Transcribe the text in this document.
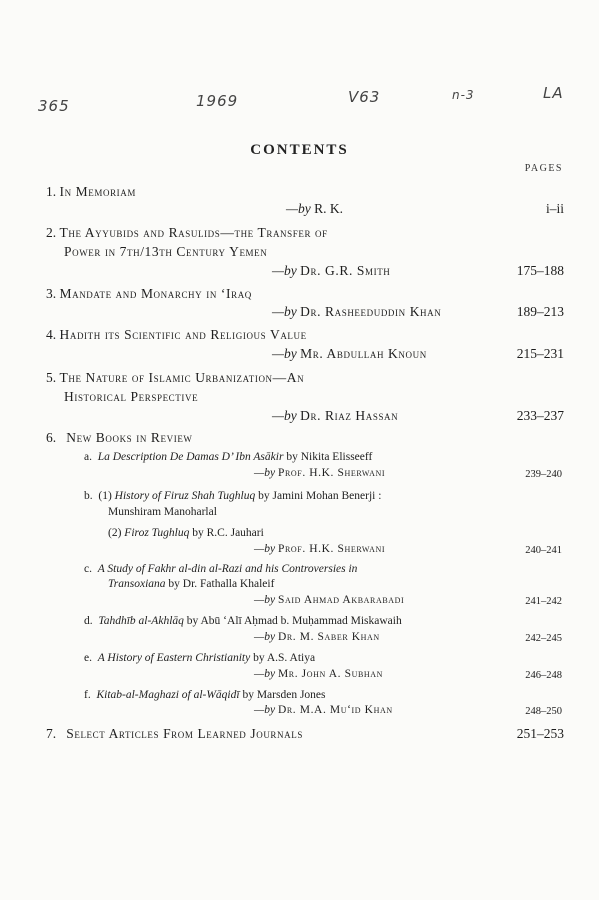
365	1969	V63	n-3	LA
CONTENTS
PAGES
1. In Memoriam
—by R. K.	i–ii
2. The Ayyubids and Rasulids—the Transfer of
Power in 7th/13th Century Yemen
—by Dr. G.R. Smith	175–188
3. Mandate and Monarchy in ‘Iraq
—by Dr. Rasheeduddin Khan	189–213
4. Hadith its Scientific and Religious Value
—by Mr. Abdullah Knoun	215–231
5. The Nature of Islamic Urbanization—An
Historical Perspective
—by Dr. Riaz Hassan	233–237
6. New Books in Review
a. La Description De Damas D’ Ibn Asākir by Nikita Elisseeff
—by Prof. H.K. Sherwani	239–240
b. (1) History of Firuz Shah Tughluq by Jamini Mohan Benerji :
Munshiram Manoharlal
(2) Firoz Tughluq by R.C. Jauhari
—by Prof. H.K. Sherwani	240–241
c. A Study of Fakhr al-din al-Razi and his Controversies in
Transoxiana by Dr. Fathalla Khaleif
—by Said Ahmad Akbarabadi	241–242
d. Tahdhīb al-Akhlāq by Abū ‘Alī Aḥmad b. Muḥammad Miskawaih
—by Dr. M. Saber Khan	242–245
e. A History of Eastern Christianity by A.S. Atiya
—by Mr. John A. Subhan	246–248
f. Kitab-al-Maghazi of al-Wāqidī by Marsden Jones
—by Dr. M.A. Mu‘id Khan	248–250
7. Select Articles From Learned Journals	251–253
